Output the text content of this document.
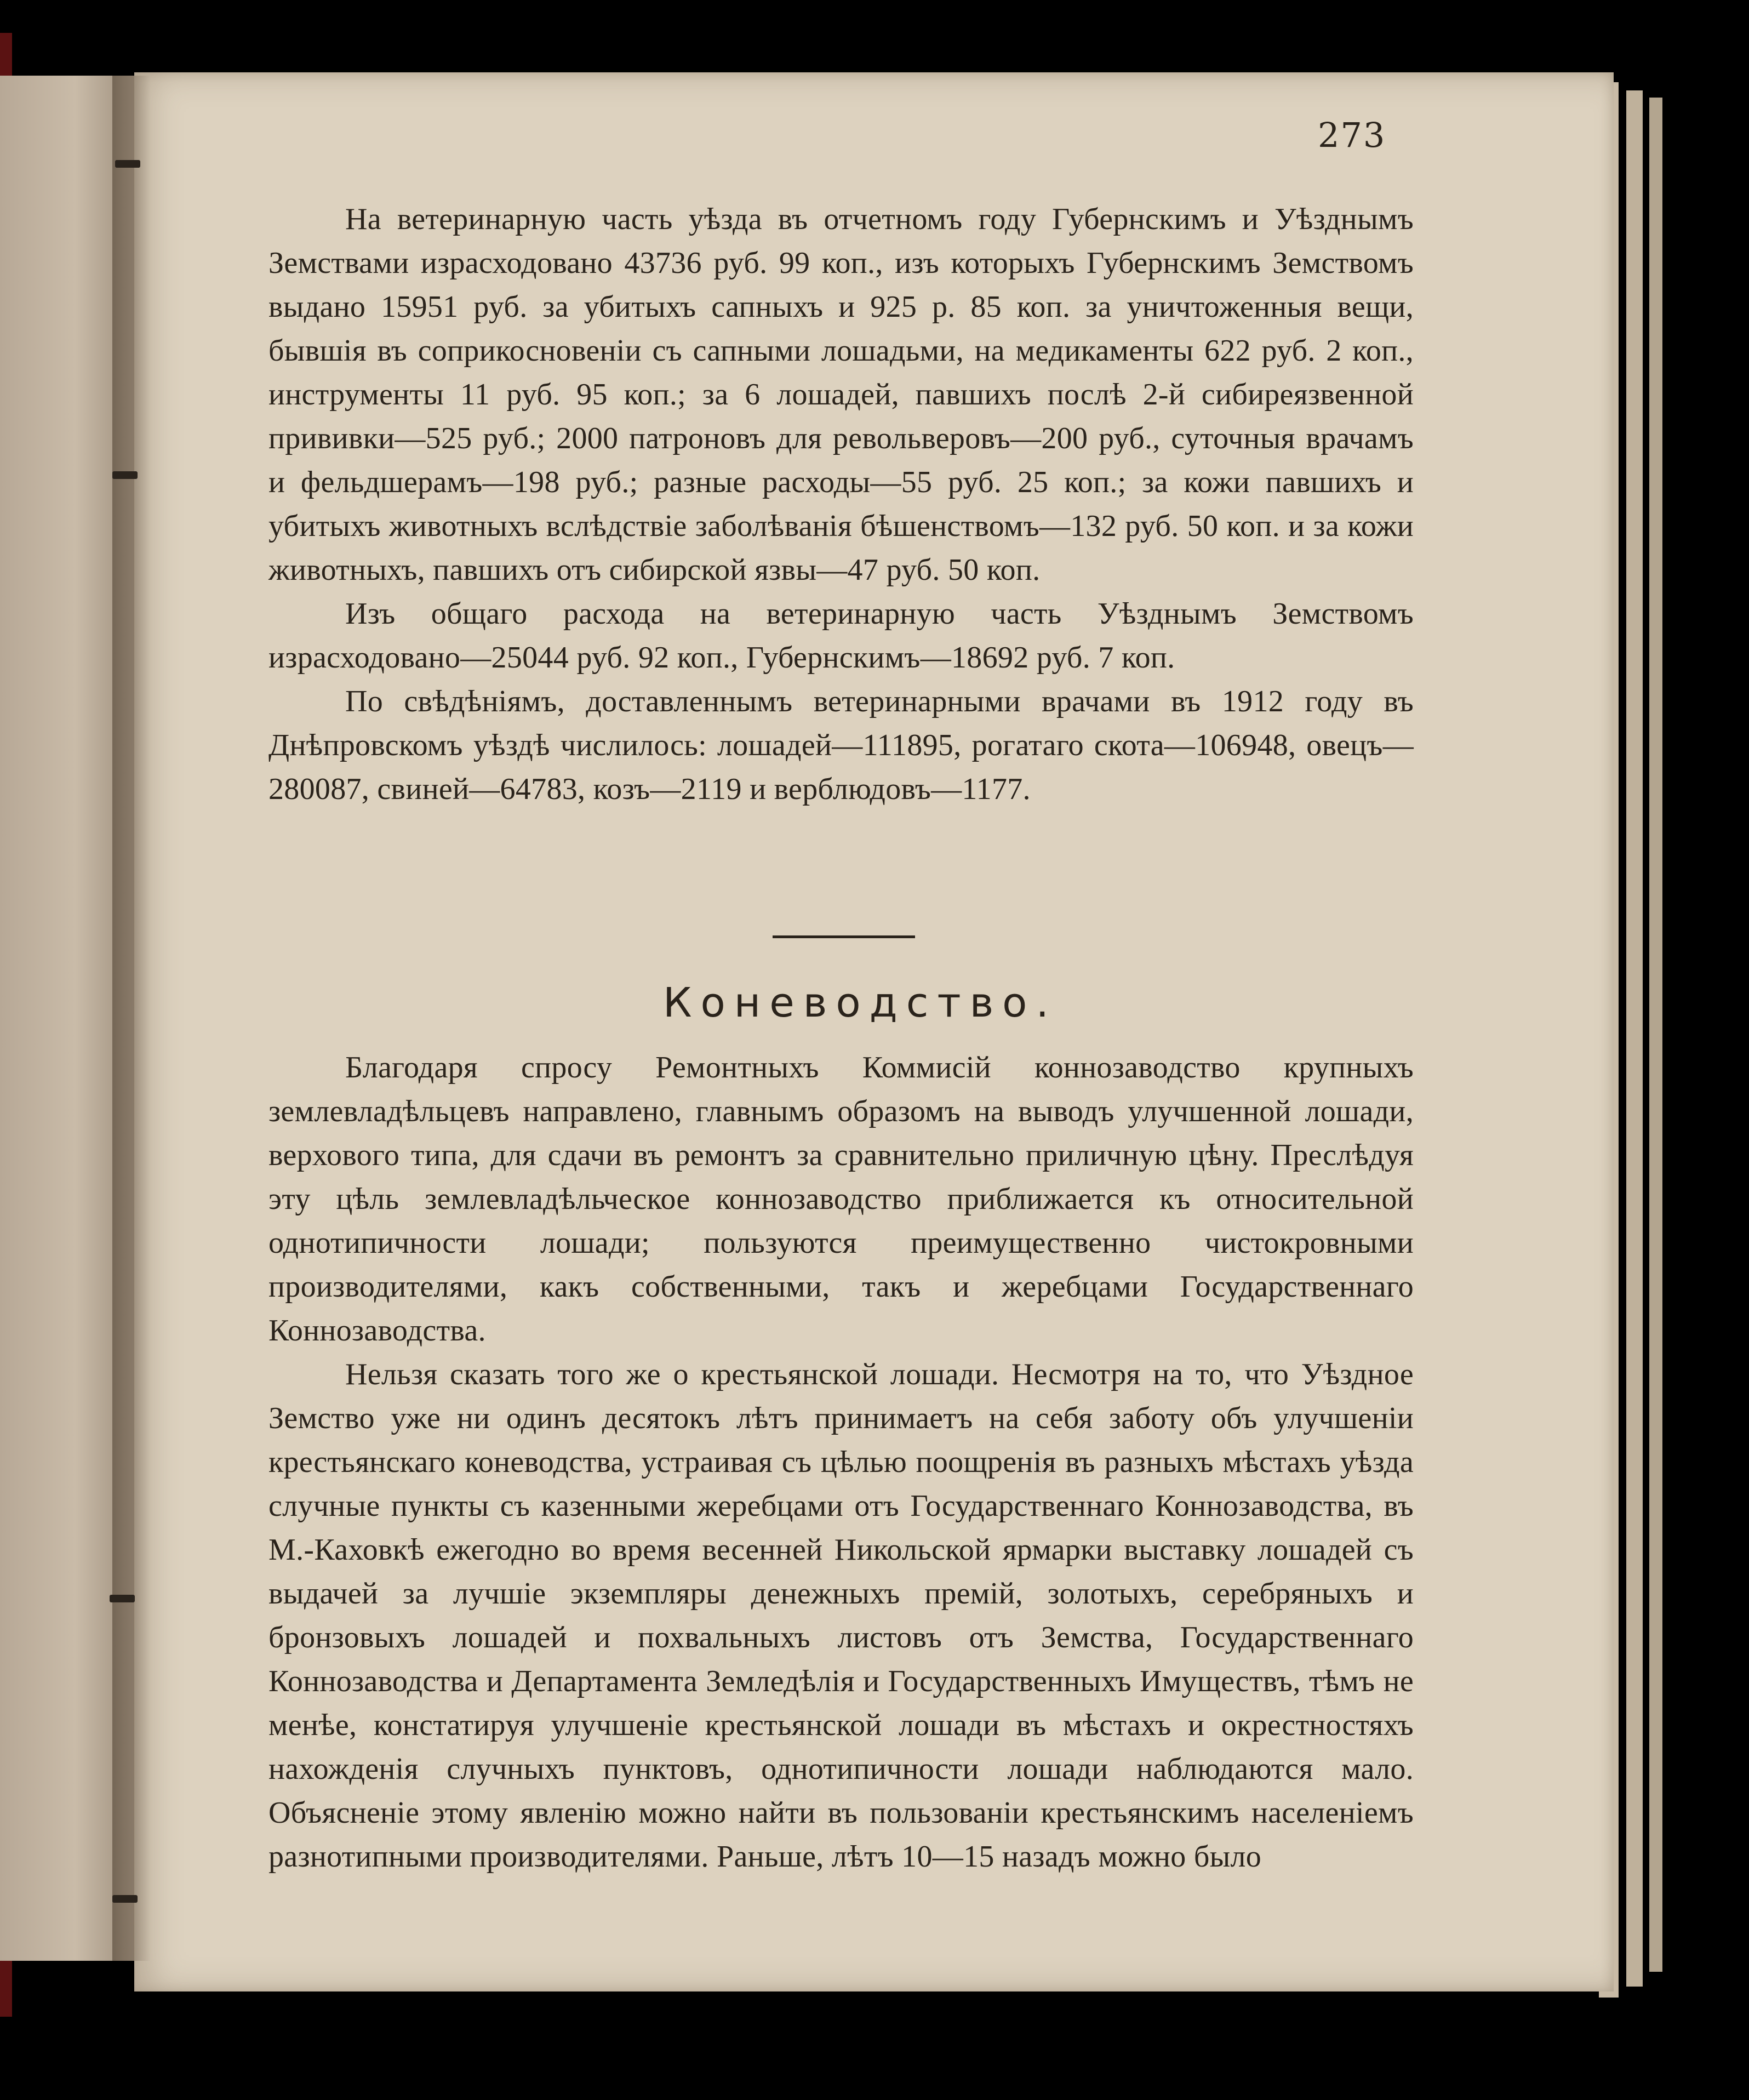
273

На ветеринарную часть уѣзда въ отчетномъ году Губернскимъ и Уѣзднымъ Земствами израсходовано 43736 руб. 99 коп., изъ которыхъ Губернскимъ Земствомъ выдано 15951 руб. за убитыхъ сапныхъ и 925 р. 85 коп. за уничтоженныя вещи, бывшія въ соприкосновеніи съ сапными лошадьми, на медикаменты 622 руб. 2 коп., инструменты 11 руб. 95 коп.; за 6 лошадей, павшихъ послѣ 2-й сибиреязвенной прививки—525 руб.; 2000 патроновъ для револьверовъ—200 руб., суточныя врачамъ и фельдшерамъ—198 руб.; разные расходы—55 руб. 25 коп.; за кожи павшихъ и убитыхъ животныхъ вслѣдствіе заболѣванія бѣшенствомъ—132 руб. 50 коп. и за кожи животныхъ, павшихъ отъ сибирской язвы—47 руб. 50 коп.

Изъ общаго расхода на ветеринарную часть Уѣзднымъ Земствомъ израсходовано—25044 руб. 92 коп., Губернскимъ—18692 руб. 7 коп.

По свѣдѣніямъ, доставленнымъ ветеринарными врачами въ 1912 году въ Днѣпровскомъ уѣздѣ числилось: лошадей—111895, рогатаго скота—106948, овецъ—280087, свиней—64783, козъ—2119 и верблюдовъ—1177.

Коневодство.

Благодаря спросу Ремонтныхъ Коммисій коннозаводство крупныхъ землевладѣльцевъ направлено, главнымъ образомъ на выводъ улучшенной лошади, верхового типа, для сдачи въ ремонтъ за сравнительно приличную цѣну. Преслѣдуя эту цѣль землевладѣльческое коннозаводство приближается къ относительной однотипичности лошади; пользуются преимущественно чистокровными производителями, какъ собственными, такъ и жеребцами Государственнаго Коннозаводства.

Нельзя сказать того же о крестьянской лошади. Несмотря на то, что Уѣздное Земство уже ни одинъ десятокъ лѣтъ принимаетъ на себя заботу объ улучшеніи крестьянскаго коневодства, устраивая съ цѣлью поощренія въ разныхъ мѣстахъ уѣзда случные пункты съ казенными жеребцами отъ Государственнаго Коннозаводства, въ М.-Каховкѣ ежегодно во время весенней Никольской ярмарки выставку лошадей съ выдачей за лучшіе экземпляры денежныхъ премій, золотыхъ, серебряныхъ и бронзовыхъ лошадей и похвальныхъ листовъ отъ Земства, Государственнаго Коннозаводства и Департамента Земледѣлія и Государственныхъ Имуществъ, тѣмъ не менѣе, констатируя улучшеніе крестьянской лошади въ мѣстахъ и окрестностяхъ нахожденія случныхъ пунктовъ, однотипичности лошади наблюдаются мало. Объясненіе этому явленію можно найти въ пользованіи крестьянскимъ населеніемъ разнотипными производителями. Раньше, лѣтъ 10—15 назадъ можно было
